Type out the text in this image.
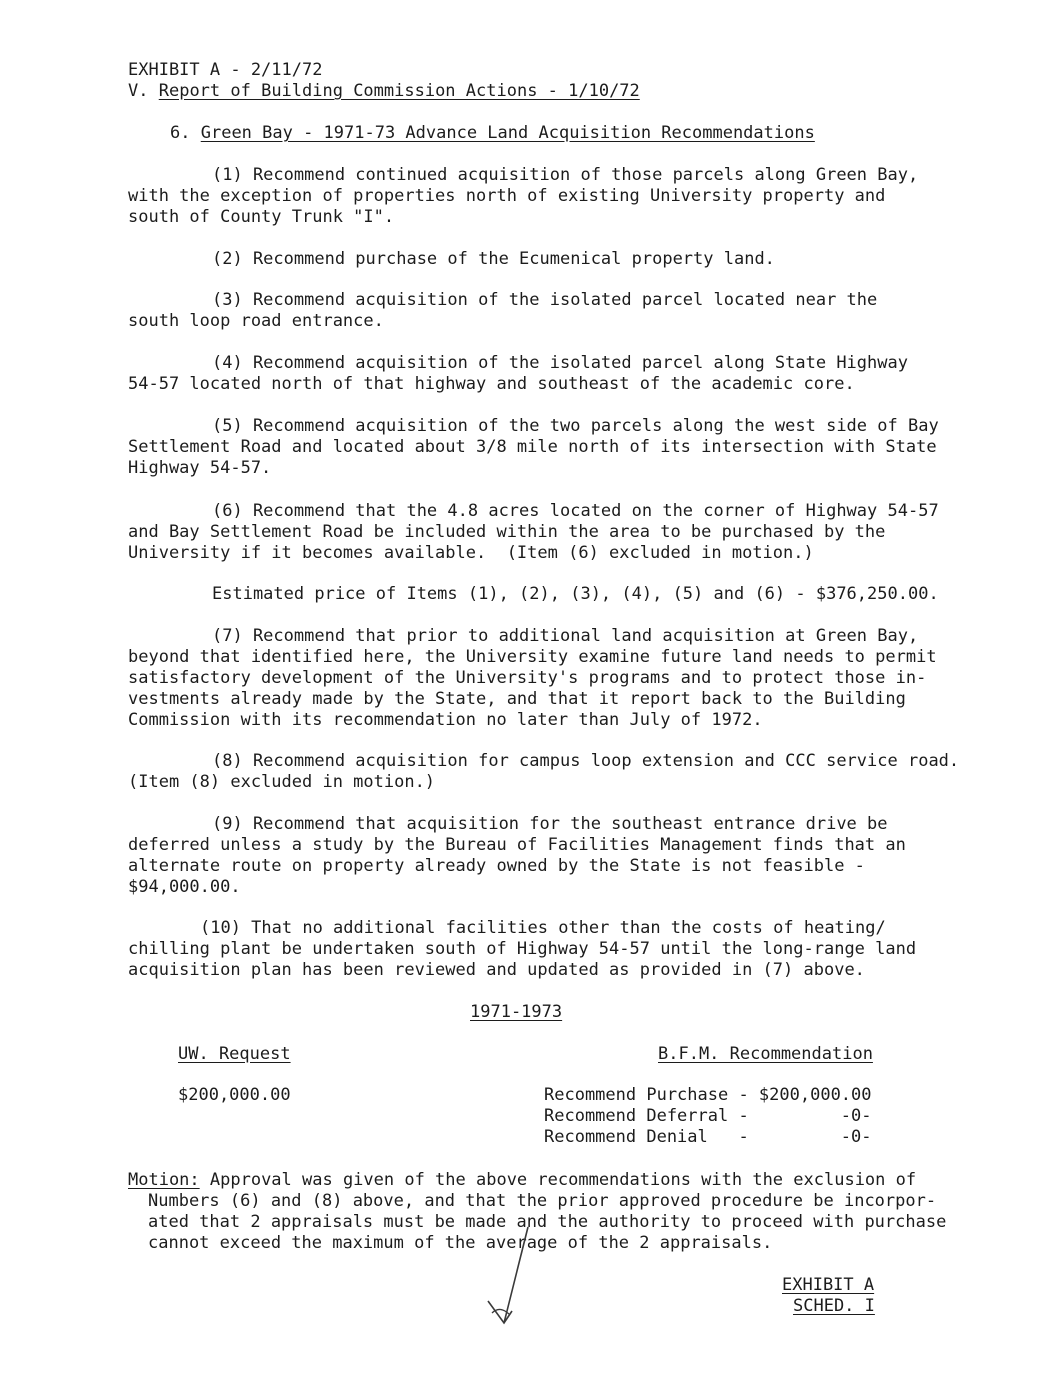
EXHIBIT A - 2/11/72
V. Report of Building Commission Actions - 1/10/72
6. Green Bay - 1971-73 Advance Land Acquisition Recommendations
(1) Recommend continued acquisition of those parcels along Green Bay,
with the exception of properties north of existing University property and
south of County Trunk "I".
(2) Recommend purchase of the Ecumenical property land.
(3) Recommend acquisition of the isolated parcel located near the
south loop road entrance.
(4) Recommend acquisition of the isolated parcel along State Highway
54-57 located north of that highway and southeast of the academic core.
(5) Recommend acquisition of the two parcels along the west side of Bay
Settlement Road and located about 3/8 mile north of its intersection with State
Highway 54-57.
(6) Recommend that the 4.8 acres located on the corner of Highway 54-57
and Bay Settlement Road be included within the area to be purchased by the
University if it becomes available.  (Item (6) excluded in motion.)
Estimated price of Items (1), (2), (3), (4), (5) and (6) - $376,250.00.
(7) Recommend that prior to additional land acquisition at Green Bay,
beyond that identified here, the University examine future land needs to permit
satisfactory development of the University's programs and to protect those in-
vestments already made by the State, and that it report back to the Building
Commission with its recommendation no later than July of 1972.
(8) Recommend acquisition for campus loop extension and CCC service road.
(Item (8) excluded in motion.)
(9) Recommend that acquisition for the southeast entrance drive be
deferred unless a study by the Bureau of Facilities Management finds that an
alternate route on property already owned by the State is not feasible -
$94,000.00.
(10) That no additional facilities other than the costs of heating/
chilling plant be undertaken south of Highway 54-57 until the long-range land
acquisition plan has been reviewed and updated as provided in (7) above.
1971-1973
UW. Request	B.F.M. Recommendation
$200,000.00	Recommend Purchase - $200,000.00
Recommend Deferral -         -0-
Recommend Denial   -         -0-
Motion: Approval was given of the above recommendations with the exclusion of
Numbers (6) and (8) above, and that the prior approved procedure be incorpor-
ated that 2 appraisals must be made and the authority to proceed with purchase
cannot exceed the maximum of the average of the 2 appraisals.
EXHIBIT A
SCHED. I
